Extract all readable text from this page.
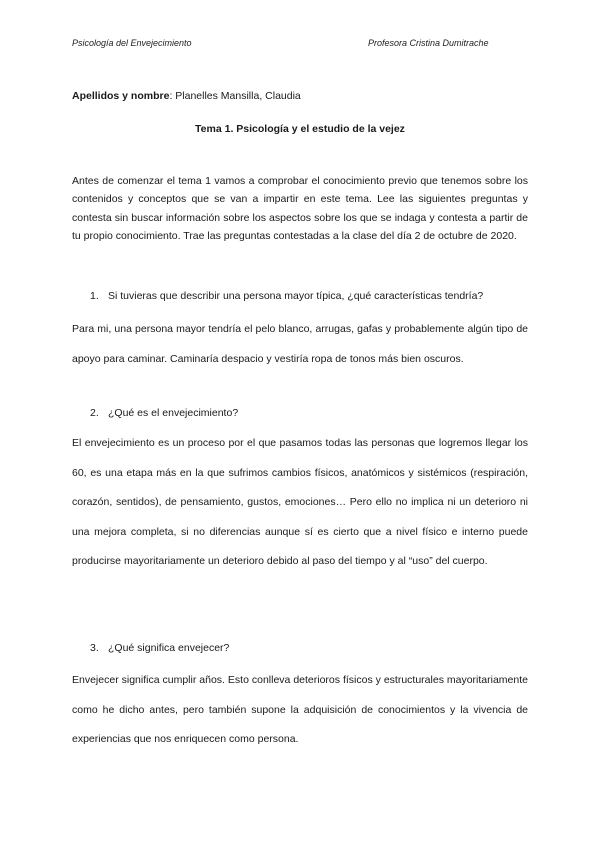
Psicología del Envejecimiento	Profesora Cristina Dumitrache
Apellidos y nombre: Planelles Mansilla, Claudia
Tema 1. Psicología y el estudio de la vejez

Antes de comenzar el tema 1 vamos a comprobar el conocimiento previo que tenemos sobre los contenidos y conceptos que se van a impartir en este tema. Lee las siguientes preguntas y contesta sin buscar información sobre los aspectos sobre los que se indaga y contesta a partir de tu propio conocimiento. Trae las preguntas contestadas a la clase del día 2 de octubre de 2020.

1. Si tuvieras que describir una persona mayor típica, ¿qué características tendría?

Para mi, una persona mayor tendría el pelo blanco, arrugas, gafas y probablemente algún tipo de apoyo para caminar. Caminaría despacio y vestiría ropa de tonos más bien oscuros.

2. ¿Qué es el envejecimiento?

El envejecimiento es un proceso por el que pasamos todas las personas que logremos llegar los 60, es una etapa más en la que sufrimos cambios físicos, anatómicos y sistémicos (respiración, corazón, sentidos), de pensamiento, gustos, emociones… Pero ello no implica ni un deterioro ni una mejora completa, si no diferencias aunque sí es cierto que a nivel físico e interno puede producirse mayoritariamente un deterioro debido al paso del tiempo y al “uso” del cuerpo.

3. ¿Qué significa envejecer?

Envejecer significa cumplir años. Esto conlleva deterioros físicos y estructurales mayoritariamente como he dicho antes, pero también supone la adquisición de conocimientos y la vivencia de experiencias que nos enriquecen como persona.
